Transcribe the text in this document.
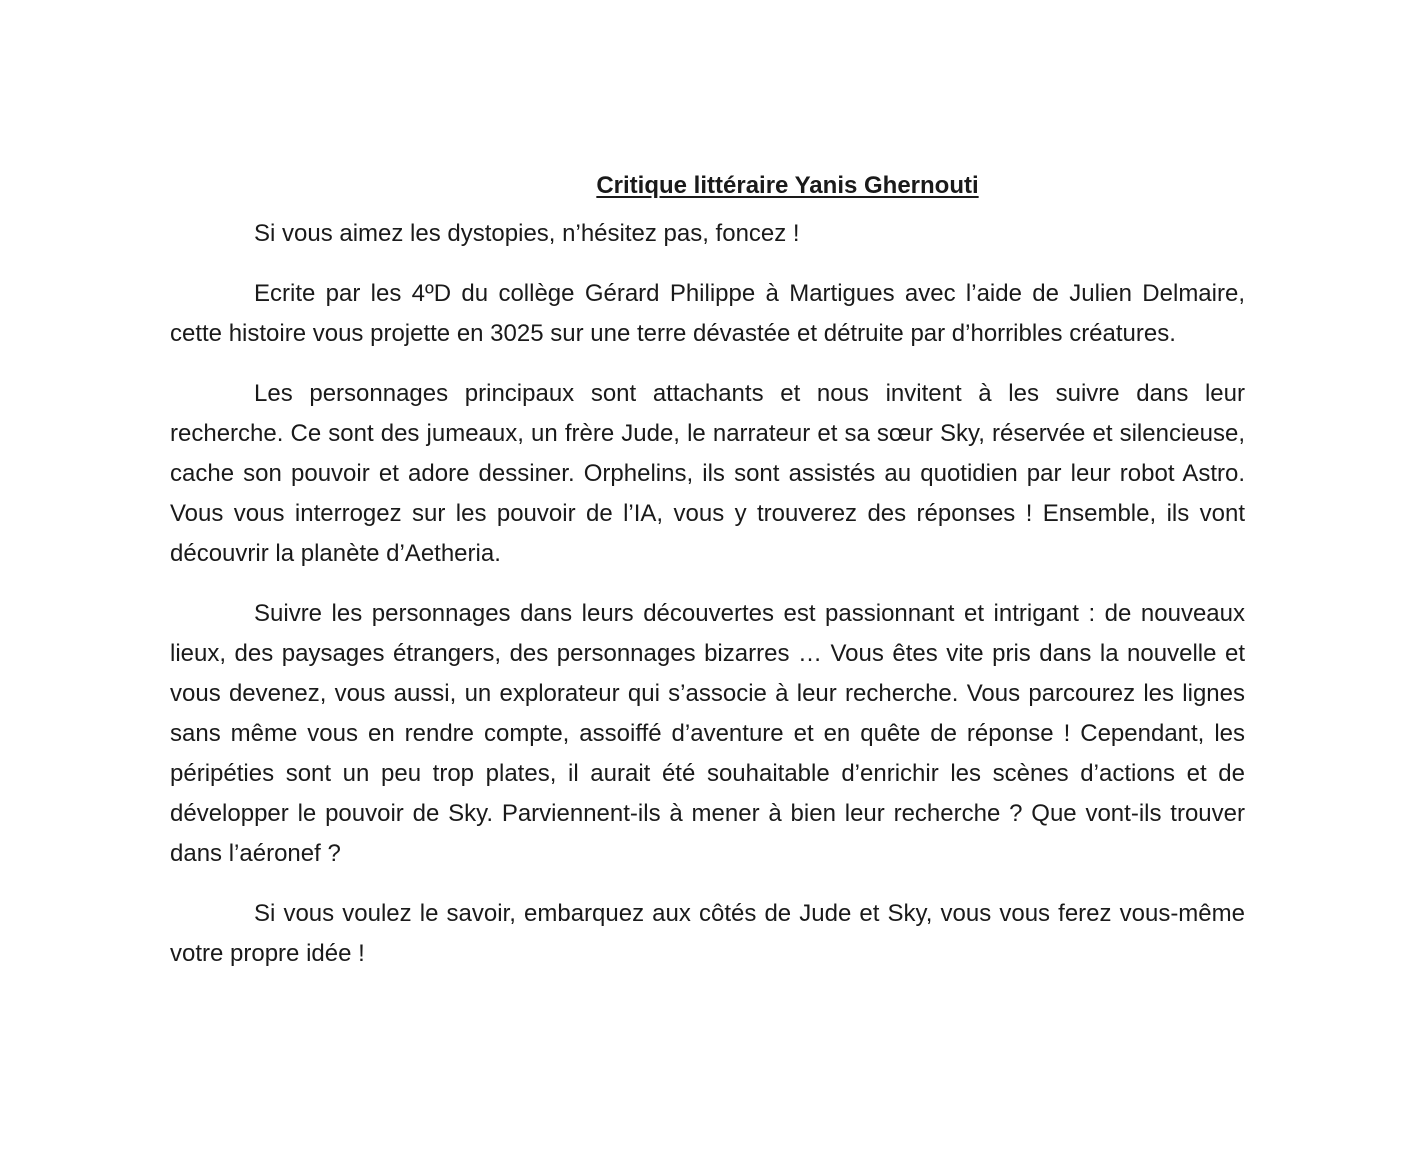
Critique littéraire Yanis Ghernouti

Si vous aimez les dystopies, n’hésitez pas, foncez !

Ecrite par les 4ºD du collège Gérard Philippe à Martigues avec l’aide de Julien Delmaire, cette histoire vous projette en 3025 sur une terre dévastée et détruite par d’horribles créatures.

Les personnages principaux sont attachants et nous invitent à les suivre dans leur recherche. Ce sont des jumeaux, un frère Jude, le narrateur et sa sœur Sky, réservée et silencieuse, cache son pouvoir et adore dessiner. Orphelins, ils sont assistés au quotidien par leur robot Astro. Vous vous interrogez sur les pouvoir de l’IA, vous y trouverez des réponses ! Ensemble, ils vont découvrir la planète d’Aetheria.

Suivre les personnages dans leurs découvertes est passionnant et intrigant : de nouveaux lieux, des paysages étrangers, des personnages bizarres … Vous êtes vite pris dans la nouvelle et vous devenez, vous aussi, un explorateur qui s’associe à leur recherche. Vous parcourez les lignes sans même vous en rendre compte, assoiffé d’aventure et en quête de réponse ! Cependant, les péripéties sont un peu trop plates, il aurait été souhaitable d’enrichir les scènes d’actions et de développer le pouvoir de Sky. Parviennent-ils à mener à bien leur recherche ? Que vont-ils trouver dans l’aéronef ?

Si vous voulez le savoir, embarquez aux côtés de Jude et Sky, vous vous ferez vous-même votre propre idée !
